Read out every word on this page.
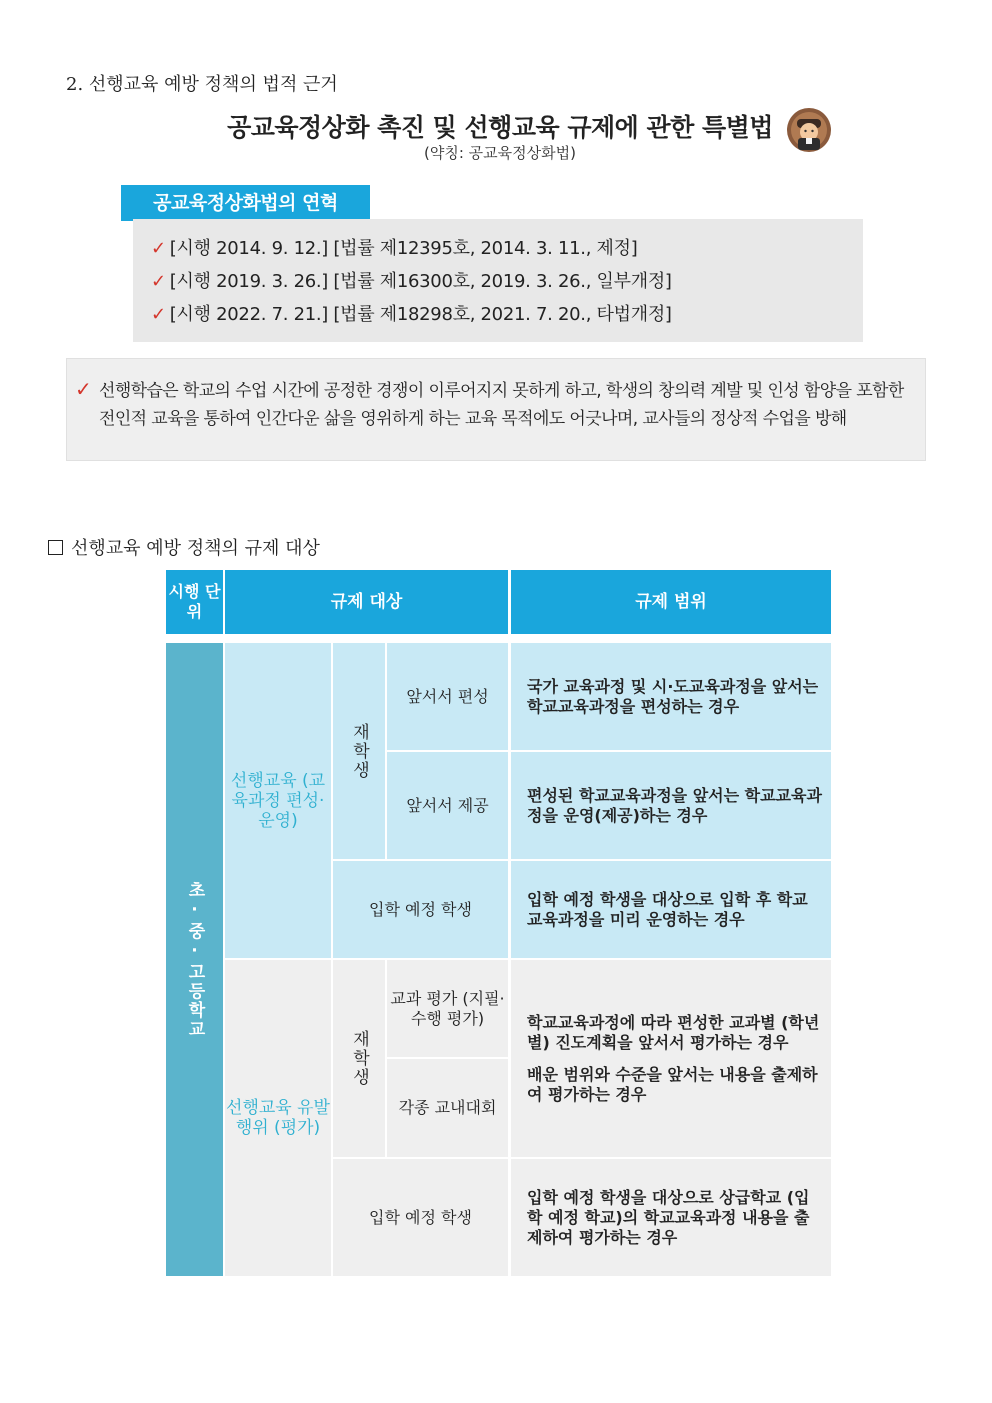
2. 선행교육 예방 정책의 법적 근거
공교육정상화 촉진 및 선행교육 규제에 관한 특별법
(약칭: 공교육정상화법)
공교육정상화법의 연혁
✓ [시행 2014. 9. 12.] [법률 제12395호, 2014. 3. 11., 제정]
✓ [시행 2019. 3. 26.] [법률 제16300호, 2019. 3. 26., 일부개정]
✓ [시행 2022. 7. 21.] [법률 제18298호, 2021. 7. 20., 타법개정]
✓ 선행학습은 학교의 수업 시간에 공정한 경쟁이 이루어지지 못하게 하고, 학생의 창의력 계발 및 인성 함양을 포함한 전인적 교육을 통하여 인간다운 삶을 영위하게 하는 교육 목적에도 어긋나며, 교사들의 정상적 수업을 방해
선행교육 예방 정책의 규제 대상
시행 단위	규제 대상	규제 범위
초·중·고등학교
선행교육 (교육과정 편성·운영)
재학생
앞서서 편성
국가 교육과정 및 시·도교육과정을 앞서는 학교교육과정을 편성하는 경우
앞서서 제공
편성된 학교교육과정을 앞서는 학교교육과정을 운영(제공)하는 경우
입학 예정 학생
입학 예정 학생을 대상으로 입학 후 학교교육과정을 미리 운영하는 경우
선행교육 유발행위 (평가)
재학생
교과 평가 (지필·수행 평가)
각종 교내대회
학교교육과정에 따라 편성한 교과별 (학년별) 진도계획을 앞서서 평가하는 경우
배운 범위와 수준을 앞서는 내용을 출제하여 평가하는 경우
입학 예정 학생
입학 예정 학생을 대상으로 상급학교 (입학 예정 학교)의 학교교육과정 내용을 출제하여 평가하는 경우
